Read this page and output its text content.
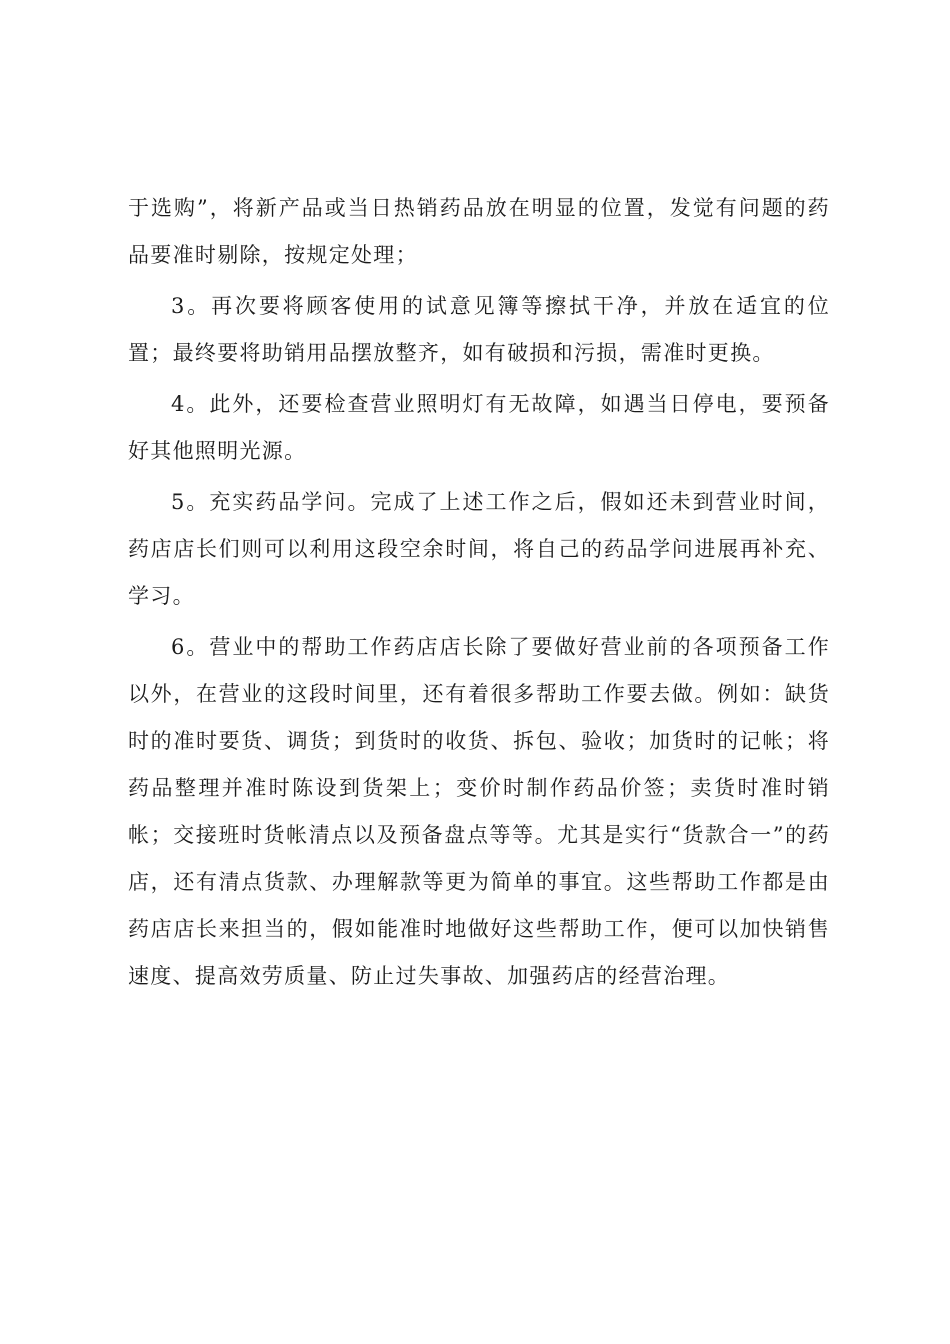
于选购”，将新产品或当日热销药品放在明显的位置，发觉有问题的药品要准时剔除，按规定处理；

3。再次要将顾客使用的试意见簿等擦拭干净，并放在适宜的位置；最终要将助销用品摆放整齐，如有破损和污损，需准时更换。

4。此外，还要检查营业照明灯有无故障，如遇当日停电，要预备好其他照明光源。

5。充实药品学问。完成了上述工作之后，假如还未到营业时间，药店店长们则可以利用这段空余时间，将自己的药品学问进展再补充、学习。

6。营业中的帮助工作药店店长除了要做好营业前的各项预备工作以外，在营业的这段时间里，还有着很多帮助工作要去做。例如：缺货时的准时要货、调货；到货时的收货、拆包、验收；加货时的记帐；将药品整理并准时陈设到货架上；变价时制作药品价签；卖货时准时销帐；交接班时货帐清点以及预备盘点等等。尤其是实行“货款合一”的药店，还有清点货款、办理解款等更为简单的事宜。这些帮助工作都是由药店店长来担当的，假如能准时地做好这些帮助工作，便可以加快销售速度、提高效劳质量、防止过失事故、加强药店的经营治理。
